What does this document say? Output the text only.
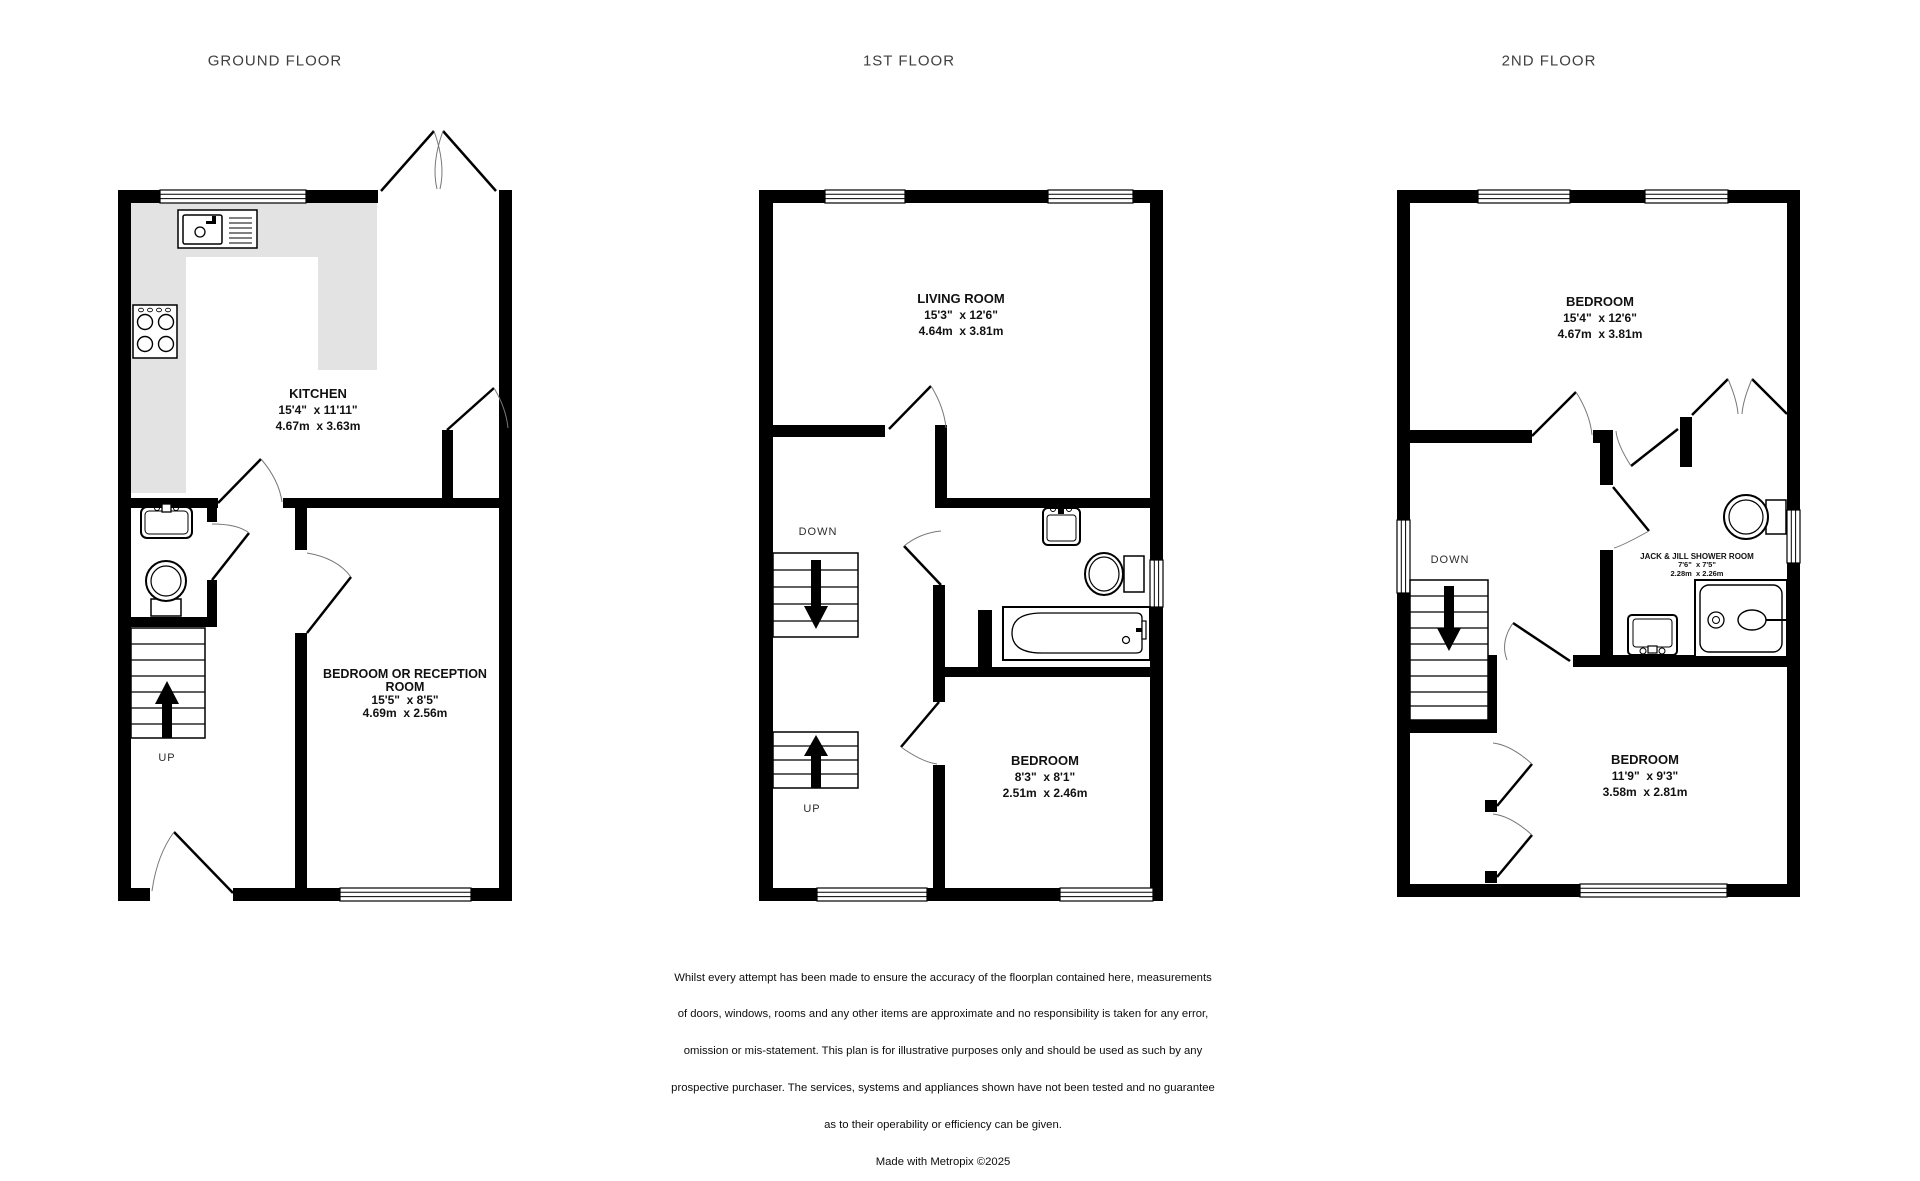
GROUND FLOOR	1ST FLOOR	2ND FLOOR
KITCHEN
15'4"  x 11'11"
4.67m  x 3.63m
BEDROOM OR RECEPTION ROOM
15'5"  x 8'5"
4.69m  x 2.56m
UP
LIVING ROOM
15'3"  x 12'6"
4.64m  x 3.81m
DOWN
BEDROOM
8'3"  x 8'1"
2.51m  x 2.46m
UP
BEDROOM
15'4"  x 12'6"
4.67m  x 3.81m
DOWN	JACK & JILL SHOWER ROOM
7'6"  x 7'5"
2.28m  x 2.26m
BEDROOM
11'9"  x 9'3"
3.58m  x 2.81m

Whilst every attempt has been made to ensure the accuracy of the floorplan contained here, measurements

of doors, windows, rooms and any other items are approximate and no responsibility is taken for any error,

omission or mis-statement. This plan is for illustrative purposes only and should be used as such by any

prospective purchaser. The services, systems and appliances shown have not been tested and no guarantee

as to their operability or efficiency can be given.

Made with Metropix ©2025
